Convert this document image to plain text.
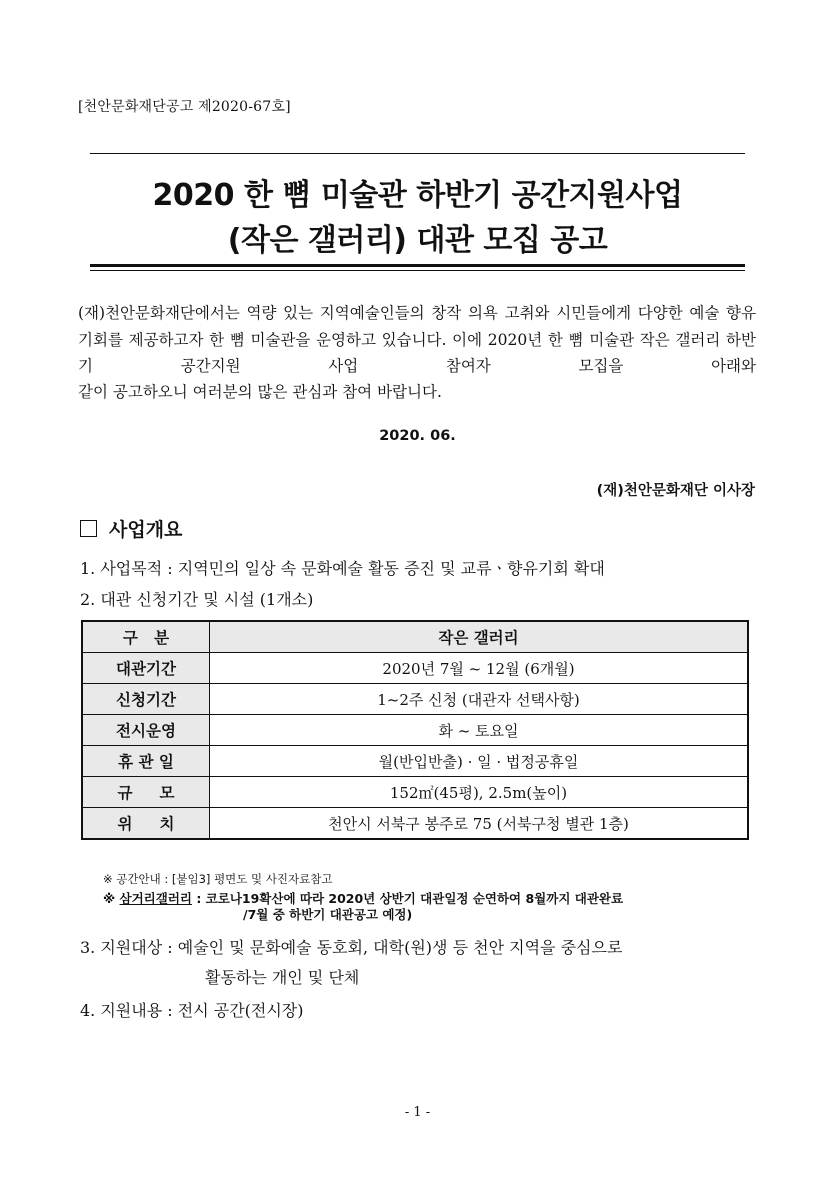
[천안문화재단공고 제2020-67호]
2020 한 뼘 미술관 하반기 공간지원사업
(작은 갤러리) 대관 모집 공고
(재)천안문화재단에서는 역량 있는 지역예술인들의 창작 의욕 고취와 시민들에게 다양한 예술 향유 기회를 제공하고자 한 뼘 미술관을 운영하고 있습니다. 이에 2020년 한 뼘 미술관 작은 갤러리 하반기 공간지원 사업 참여자 모집을 아래와
같이 공고하오니 여러분의 많은 관심과 참여 바랍니다.
2020. 06.
(재)천안문화재단 이사장
사업개요
1. 사업목적 : 지역민의 일상 속 문화예술 활동 증진 및 교류ㆍ향유기회 확대
2. 대관 신청기간 및 시설 (1개소)
구   분	작은 갤러리
대관기간	2020년 7월 ~ 12월 (6개월)
신청기간	1~2주 신청 (대관자 선택사항)
전시운영	화 ~ 토요일
휴 관 일	월(반입반출) · 일 · 법정공휴일
규     모	152㎡(45평), 2.5m(높이)
위     치	천안시 서북구 봉주로 75 (서북구청 별관 1층)
※ 공간안내 : [붙임3] 평면도 및 사진자료참고
※ 삼거리갤러리 : 코로나19확산에 따라 2020년 상반기 대관일정 순연하여 8월까지 대관완료
/7월 중 하반기 대관공고 예정)
3. 지원대상 : 예술인 및 문화예술 동호회, 대학(원)생 등 천안 지역을 중심으로
활동하는 개인 및 단체
4. 지원내용 : 전시 공간(전시장)
- 1 -
